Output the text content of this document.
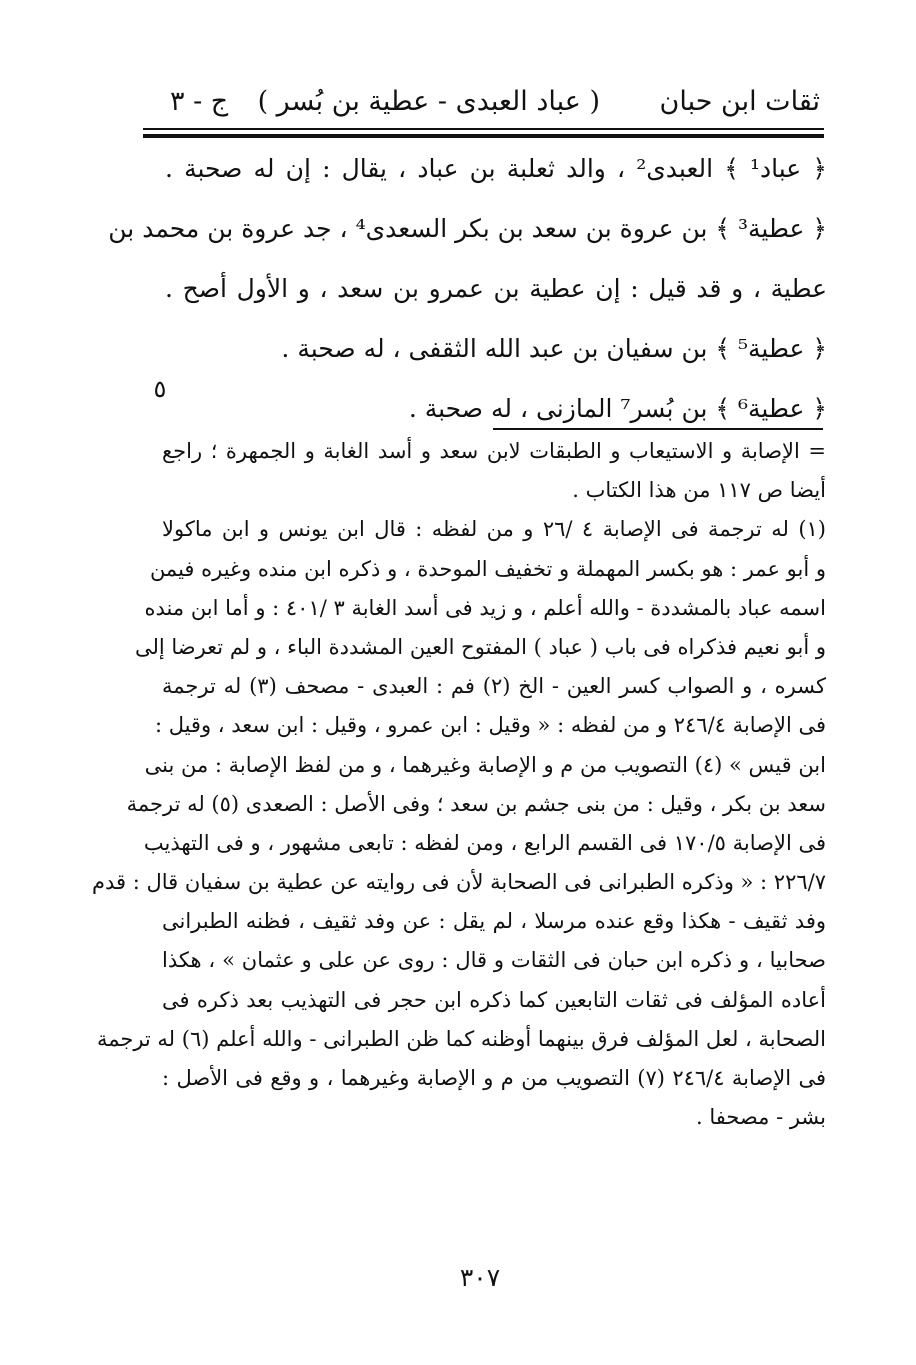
ثقات ابن حبان
( عباد العبدى - عطية بن بُسر )
ج - ٣
﴿ عباد¹ ﴾ العبدى² ، والد ثعلبة بن عباد ، يقال : إن له صحبة .
﴿ عطية³ ﴾ بن عروة بن سعد بن بكر السعدى⁴ ، جد عروة بن محمد بن
عطية ، و قد قيل : إن عطية بن عمرو بن سعد ، و الأول أصح .
﴿ عطية⁵ ﴾ بن سفيان بن عبد الله الثقفى ، له صحبة .
﴿ عطية⁶ ﴾ بن بُسر⁷ المازنى ، له صحبة .
٥
= الإصابة و الاستيعاب و الطبقات لابن سعد و أسد الغابة و الجمهرة ؛ راجع
أيضا ص ١١٧ من هذا الكتاب .
(١) له ترجمة فى الإصابة ٤ /٢٦ و من لفظه : قال ابن يونس و ابن ماكولا
و أبو عمر : هو بكسر المهملة و تخفيف الموحدة ، و ذكره ابن منده وغيره فيمن
اسمه عباد بالمشددة - والله أعلم ، و زيد فى أسد الغابة ٣ /٤٠١ : و أما ابن منده
و أبو نعيم فذكراه فى باب ( عباد ) المفتوح العين المشددة الباء ، و لم تعرضا إلى
كسره ، و الصواب كسر العين - الخ (٢) فم : العبدى - مصحف (٣) له ترجمة
فى الإصابة ٢٤٦/٤ و من لفظه : « وقيل : ابن عمرو ، وقيل : ابن سعد ، وقيل :
ابن قيس » (٤) التصويب من م و الإصابة وغيرهما ، و من لفظ الإصابة : من بنى
سعد بن بكر ، وقيل : من بنى جشم بن سعد ؛ وفى الأصل : الصعدى (٥) له ترجمة
فى الإصابة ١٧٠/٥ فى القسم الرابع ، ومن لفظه : تابعى مشهور ، و فى التهذيب
٢٢٦/٧ : « وذكره الطبرانى فى الصحابة لأن فى روايته عن عطية بن سفيان قال : قدم
وفد ثقيف - هكذا وقع عنده مرسلا ، لم يقل : عن وفد ثقيف ، فظنه الطبرانى
صحابيا ، و ذكره ابن حبان فى الثقات و قال : روى عن على و عثمان » ، هكذا
أعاده المؤلف فى ثقات التابعين كما ذكره ابن حجر فى التهذيب بعد ذكره فى
الصحابة ، لعل المؤلف فرق بينهما أوظنه كما ظن الطبرانى - والله أعلم (٦) له ترجمة
فى الإصابة ٢٤٦/٤ (٧) التصويب من م و الإصابة وغيرهما ، و وقع فى الأصل :
بشر - مصحفا .
٣٠٧
